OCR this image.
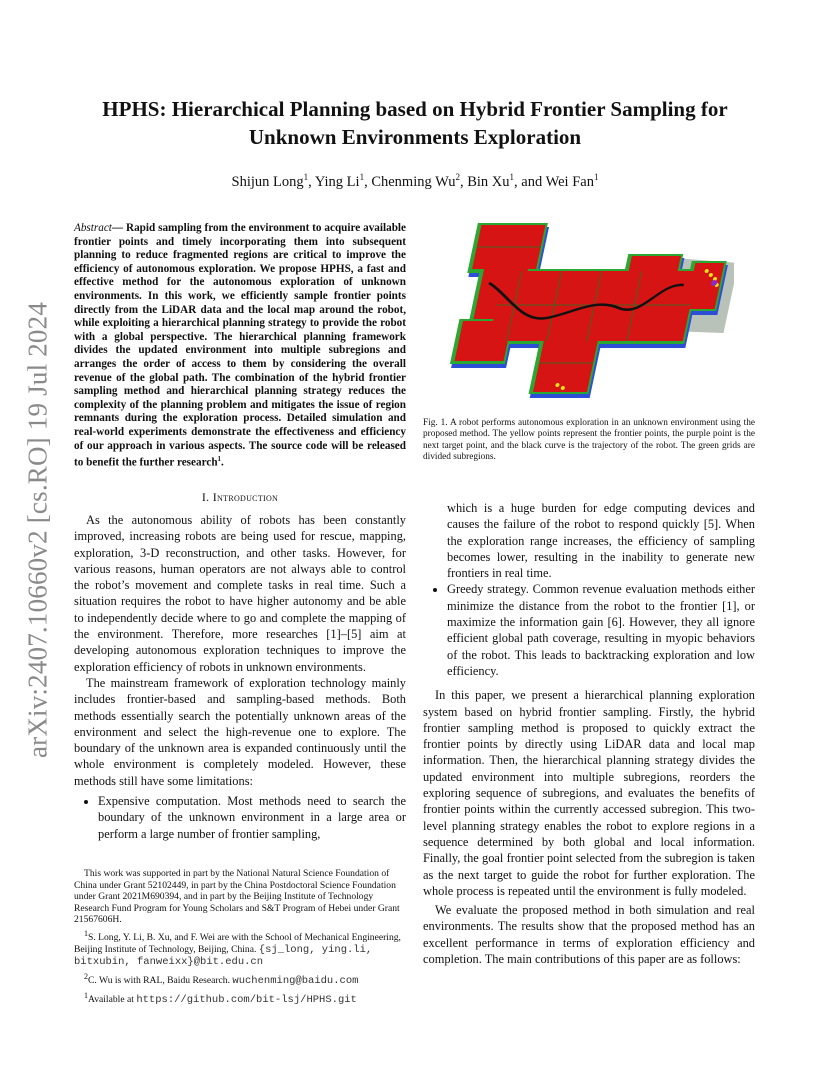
HPHS: Hierarchical Planning based on Hybrid Frontier Sampling for
Unknown Environments Exploration
Shijun Long$^1$, Ying Li$^1$, Chenming Wu$^2$, Bin Xu$^1$, and Wei Fan$^1$
arXiv:2407.10660v2 [cs.RO] 19 Jul 2024
Abstract— Rapid sampling from the environment to acquire available frontier points and timely incorporating them into subsequent planning to reduce fragmented regions are critical to improve the efficiency of autonomous exploration. We propose HPHS, a fast and effective method for the autonomous exploration of unknown environments. In this work, we efficiently sample frontier points directly from the LiDAR data and the local map around the robot, while exploiting a hierarchical planning strategy to provide the robot with a global perspective. The hierarchical planning framework divides the updated environment into multiple subregions and arranges the order of access to them by considering the overall revenue of the global path. The combination of the hybrid frontier sampling method and hierarchical planning strategy reduces the complexity of the planning problem and mitigates the issue of region remnants during the exploration process. Detailed simulation and real-world experiments demonstrate the effectiveness and efficiency of our approach in various aspects. The source code will be released to benefit the further research$^1$.
I. Introduction

As the autonomous ability of robots has been constantly improved, increasing robots are being used for rescue, mapping, exploration, 3-D reconstruction, and other tasks. However, for various reasons, human operators are not always able to control the robot’s movement and complete tasks in real time. Such a situation requires the robot to have higher autonomy and be able to independently decide where to go and complete the mapping of the environment. Therefore, more researches [1]–[5] aim at developing autonomous exploration techniques to improve the exploration efficiency of robots in unknown environments.

The mainstream framework of exploration technology mainly includes frontier-based and sampling-based methods. Both methods essentially search the potentially unknown areas of the environment and select the high-revenue one to explore. The boundary of the unknown area is expanded continuously until the whole environment is completely modeled. However, these methods still have some limitations:

• Expensive computation. Most methods need to search the boundary of the unknown environment in a large area or perform a large number of frontier sampling,

This work was supported in part by the National Natural Science Foundation of China under Grant 52102449, in part by the China Postdoctoral Science Foundation under Grant 2021M690394, and in part by the Beijing Institute of Technology Research Fund Program for Young Scholars and S&T Program of Hebei under Grant 21567606H.

$^1$S. Long, Y. Li, B. Xu, and F. Wei are with the School of Mechanical Engineering, Beijing Institute of Technology, Beijing, China. {sj_long, ying.li, bitxubin, fanweixx}@bit.edu.cn

$^2$C. Wu is with RAL, Baidu Research. wuchenming@baidu.com

$^1$Available at https://github.com/bit-lsj/HPHS.git

Fig. 1. A robot performs autonomous exploration in an unknown environment using the proposed method. The yellow points represent the frontier points, the purple point is the next target point, and the black curve is the trajectory of the robot. The green grids are divided subregions.

which is a huge burden for edge computing devices and causes the failure of the robot to respond quickly [5]. When the exploration range increases, the efficiency of sampling becomes lower, resulting in the inability to generate new frontiers in real time.

• Greedy strategy. Common revenue evaluation methods either minimize the distance from the robot to the frontier [1], or maximize the information gain [6]. However, they all ignore efficient global path coverage, resulting in myopic behaviors of the robot. This leads to backtracking exploration and low efficiency.

In this paper, we present a hierarchical planning exploration system based on hybrid frontier sampling. Firstly, the hybrid frontier sampling method is proposed to quickly extract the frontier points by directly using LiDAR data and local map information. Then, the hierarchical planning strategy divides the updated environment into multiple subregions, reorders the exploring sequence of subregions, and evaluates the benefits of frontier points within the currently accessed subregion. This two-level planning strategy enables the robot to explore regions in a sequence determined by both global and local information. Finally, the goal frontier point selected from the subregion is taken as the next target to guide the robot for further exploration. The whole process is repeated until the environment is fully modeled.

We evaluate the proposed method in both simulation and real environments. The results show that the proposed method has an excellent performance in terms of exploration efficiency and completion. The main contributions of this paper are as follows:
